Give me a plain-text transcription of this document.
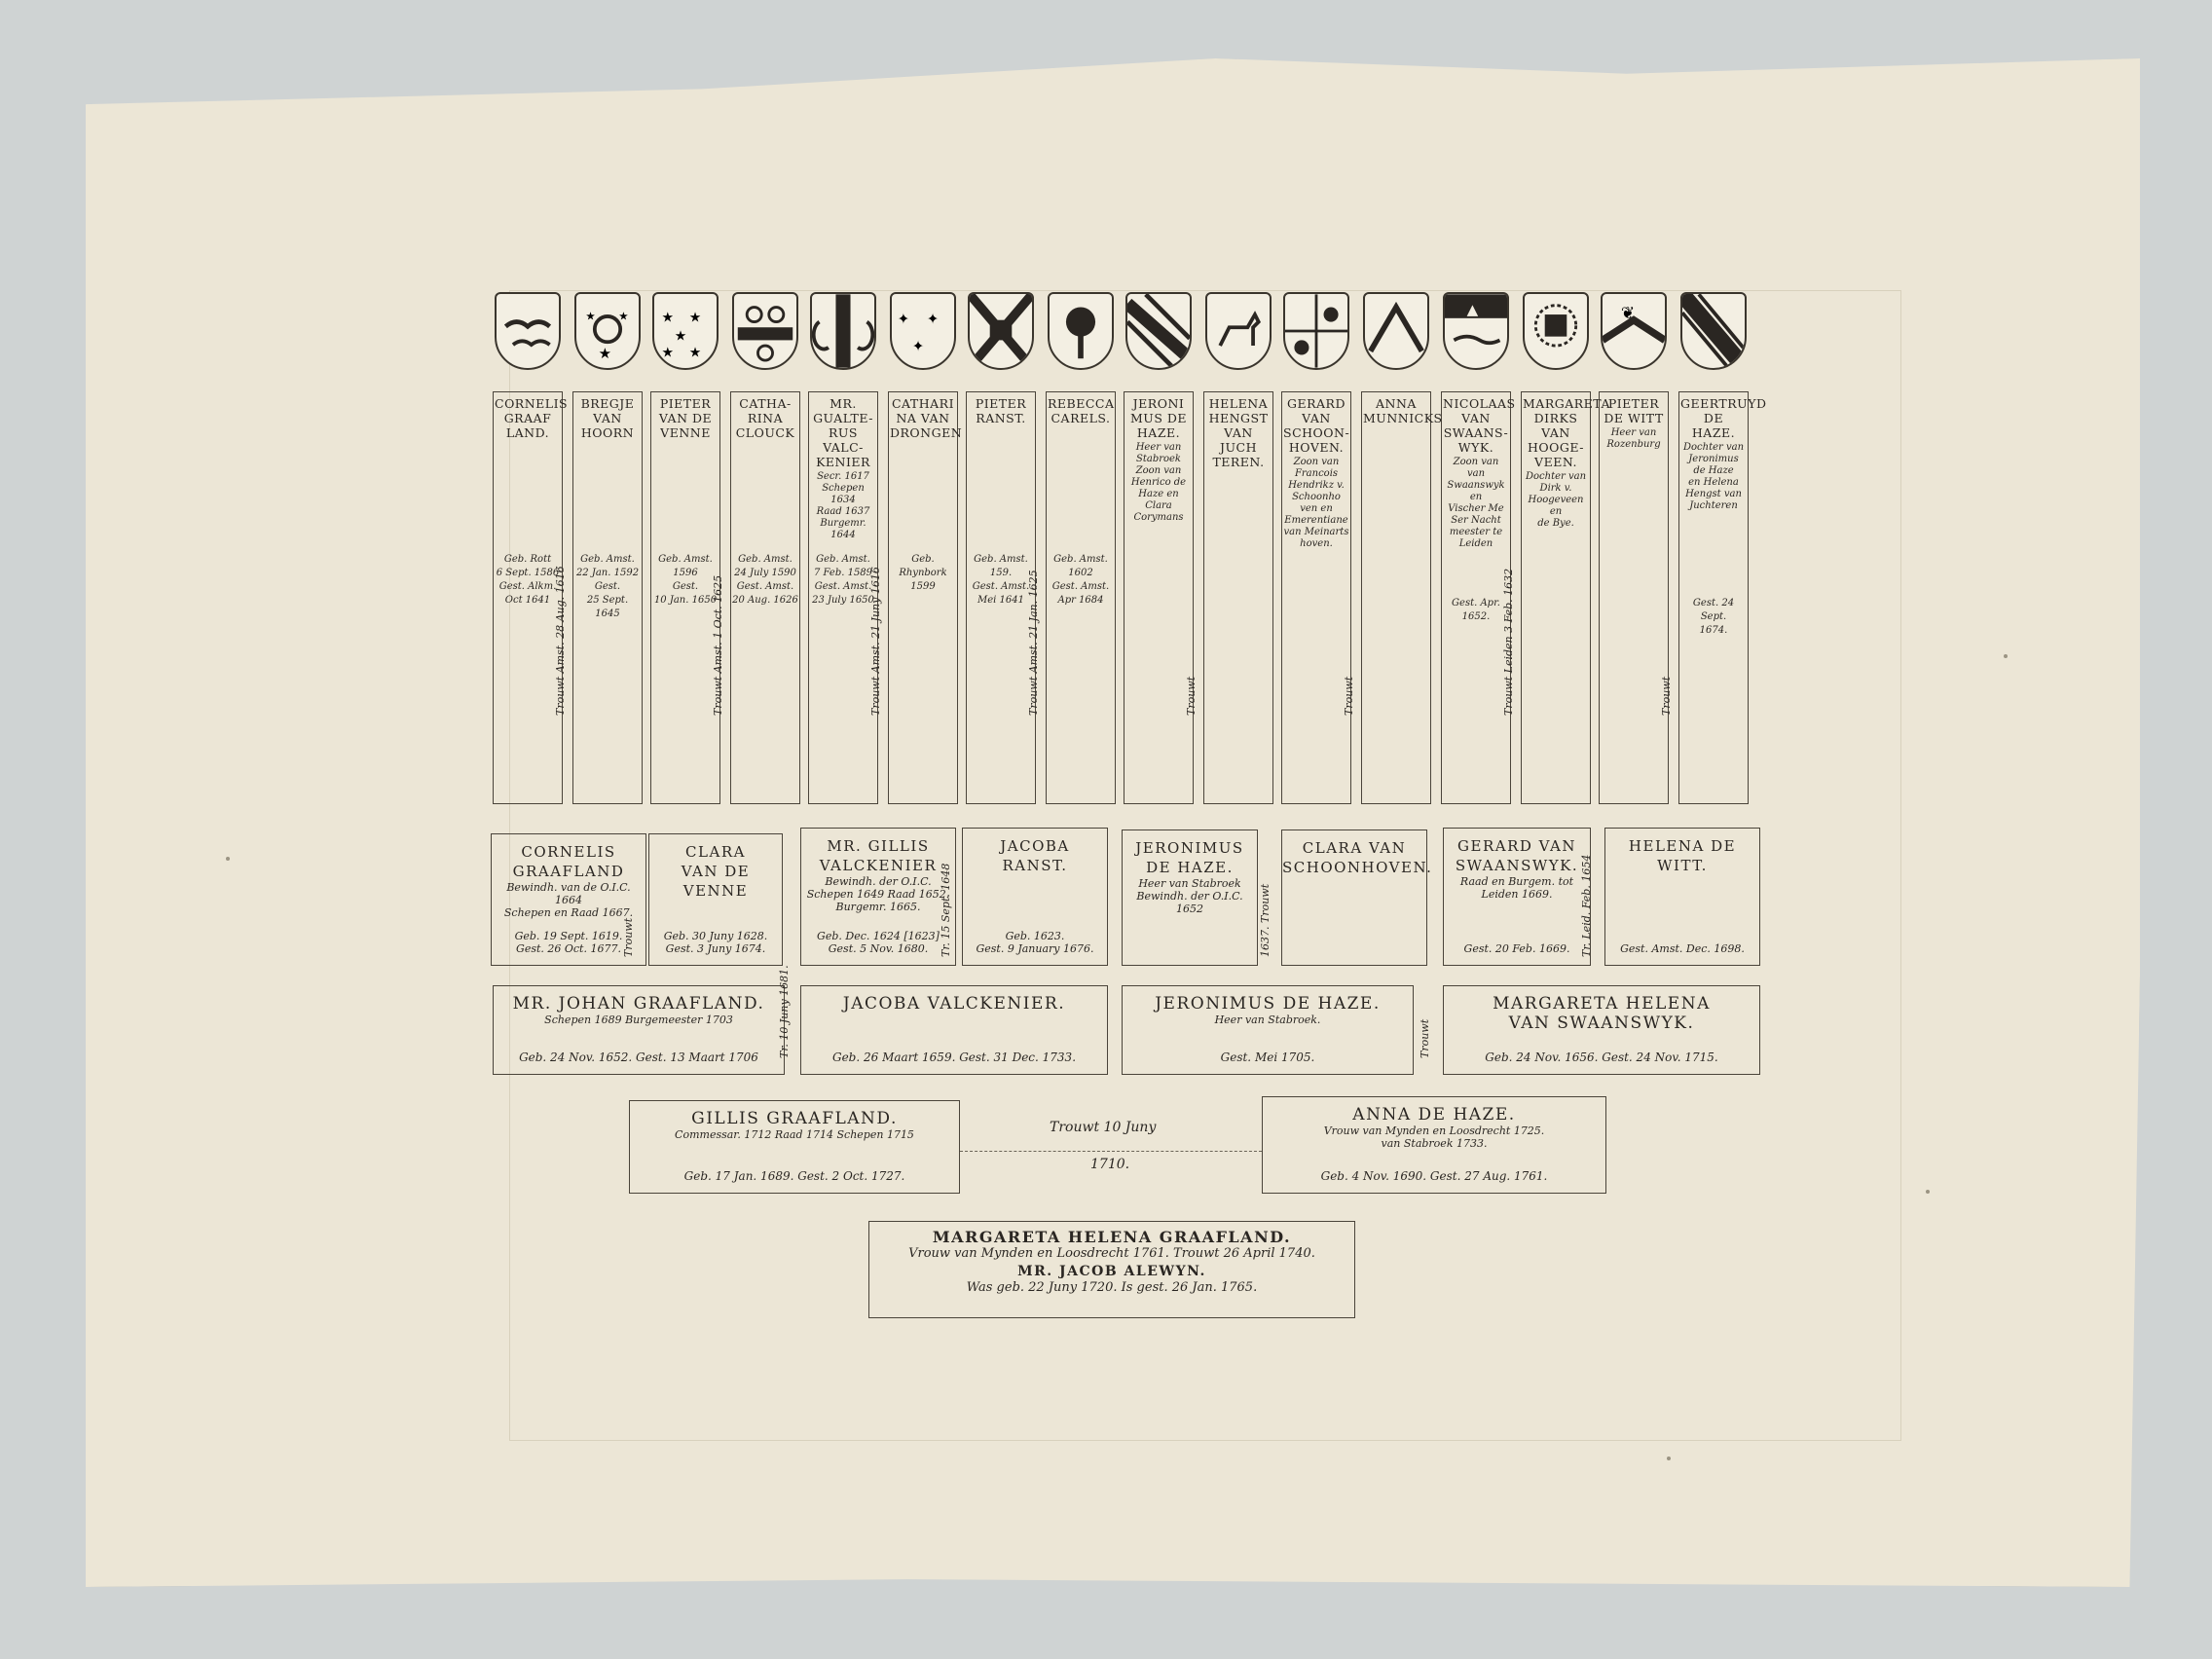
★
★ ★ ★ ★
★
★ ★
✦ ✦
✦
▲	❦
CORNELIS
GRAAF
LAND.
Geb. Rott
6 Sept. 1586
Gest. Alkm.
Oct 1641
BREGJE
VAN
HOORN
Geb. Amst.
22 Jan. 1592
Gest.
25 Sept. 1645
PIETER
VAN DE
VENNE
Geb. Amst.
1596
Gest.
10 Jan. 1650
CATHA-
RINA
CLOUCK
Geb. Amst.
24 July 1590
Gest. Amst.
20 Aug. 1626
MR. GUALTE-
RUS VALC-
KENIER
Secr. 1617
Schepen 1634
Raad 1637
Burgemr.
1644
Geb. Amst.
7 Feb. 1589
Gest. Amst.
23 July 1650
CATHARI
NA VAN
DRONGEN
Geb.
Rhynbork
1599
PIETER
RANST.
Geb. Amst.
159.
Gest. Amst.
Mei 1641
REBECCA
CARELS.
Geb. Amst.
1602
Gest. Amst.
Apr 1684
JERONI
MUS DE
HAZE.
Heer van
Stabroek
Zoon van
Henrico de
Haze en
Clara
Corymans
HELENA
HENGST
VAN JUCH
TEREN.
GERARD
VAN
SCHOON-
HOVEN.
Zoon van
Francois
Hendrikz v.
Schoonho
ven en
Emerentiane
van Meinarts
hoven.
ANNA
MUNNICKS
NICOLAAS
VAN
SWAANS-
WYK.
Zoon van
van
Swaanswyk
en
Vischer Me
Ser Nacht
meester te
Leiden
Gest. Apr.
1652.
MARGARETA
DIRKS VAN
HOOGE-
VEEN.
Dochter van
Dirk v.
Hoogeveen
en
de Bye.
PIETER
DE WITT
Heer van
Rozenburg
GEERTRUYD
DE HAZE.
Dochter van
Jeronimus
de Haze
en Helena
Hengst van
Juchteren
Gest. 24 Sept.
1674.
Trouwt Amst. 28 Aug. 1616	Trouwt Amst. 1 Oct. 1625	Trouwt Amst. 21 Juny 1616	Trouwt Amst. 21 Jan. 1625	Trouwt	Trouwt	Trouwt Leiden 3 Feb. 1632	Trouwt
CORNELIS
GRAAFLAND
Bewindh. van de O.I.C. 1664
Schepen en Raad 1667.
Geb. 19 Sept. 1619.
Gest. 26 Oct. 1677.
CLARA
VAN DE VENNE
Geb. 30 Juny 1628.
Gest. 3 Juny 1674.
MR. GILLIS
VALCKENIER
Bewindh. der O.I.C.
Schepen 1649 Raad 1652.
Burgemr. 1665.
Geb. Dec. 1624 [1623]
Gest. 5 Nov. 1680.
JACOBA
RANST.
Geb. 1623.
Gest. 9 January 1676.
JERONIMUS
DE HAZE.
Heer van Stabroek
Bewindh. der O.I.C. 1652
CLARA VAN
SCHOONHOVEN.
GERARD VAN
SWAANSWYK.
Raad en Burgem. tot
Leiden 1669.
Gest. 20 Feb. 1669.
HELENA DE
WITT.
Gest. Amst. Dec. 1698.
Trouwt	Tr. 15 Sept. 1648	1637. Trouwt	Tr. Leid. Feb. 1654
MR. JOHAN GRAAFLAND.
Schepen 1689 Burgemeester 1703
Geb. 24 Nov. 1652. Gest. 13 Maart 1706
JACOBA VALCKENIER.
Geb. 26 Maart 1659. Gest. 31 Dec. 1733.
JERONIMUS DE HAZE.
Heer van Stabroek.
Gest. Mei 1705.
MARGARETA HELENA
VAN SWAANSWYK.
Geb. 24 Nov. 1656. Gest. 24 Nov. 1715.
Tr. 10 Juny 1681.	Trouwt
GILLIS GRAAFLAND.
Commessar. 1712 Raad 1714 Schepen 1715
Geb. 17 Jan. 1689. Gest. 2 Oct. 1727.
ANNA DE HAZE.
Vrouw van Mynden en Loosdrecht 1725.
van Stabroek 1733.
Geb. 4 Nov. 1690. Gest. 27 Aug. 1761.
Trouwt 10 Juny
1710.
MARGARETA HELENA GRAAFLAND.
Vrouw van Mynden en Loosdrecht 1761. Trouwt 26 April 1740.
MR. JACOB ALEWYN.
Was geb. 22 Juny 1720. Is gest. 26 Jan. 1765.
